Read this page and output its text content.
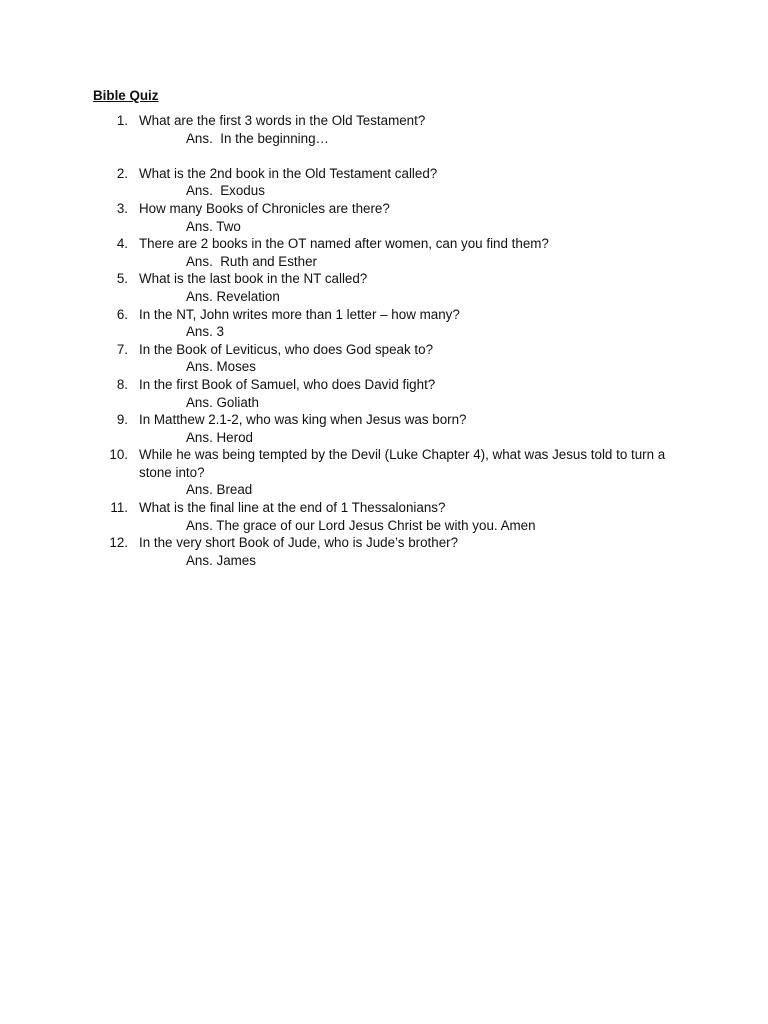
Bible Quiz
1. What are the first 3 words in the Old Testament?
Ans.  In the beginning…
2. What is the 2nd book in the Old Testament called?
Ans.  Exodus
3. How many Books of Chronicles are there?
Ans. Two
4. There are 2 books in the OT named after women, can you find them?
Ans.  Ruth and Esther
5. What is the last book in the NT called?
Ans. Revelation
6. In the NT, John writes more than 1 letter – how many?
Ans. 3
7. In the Book of Leviticus, who does God speak to?
Ans. Moses
8. In the first Book of Samuel, who does David fight?
Ans. Goliath
9. In Matthew 2.1-2, who was king when Jesus was born?
Ans. Herod
10. While he was being tempted by the Devil (Luke Chapter 4), what was Jesus told to turn a stone into?
Ans. Bread
11. What is the final line at the end of 1 Thessalonians?
Ans. The grace of our Lord Jesus Christ be with you. Amen
12. In the very short Book of Jude, who is Jude’s brother?
Ans. James
